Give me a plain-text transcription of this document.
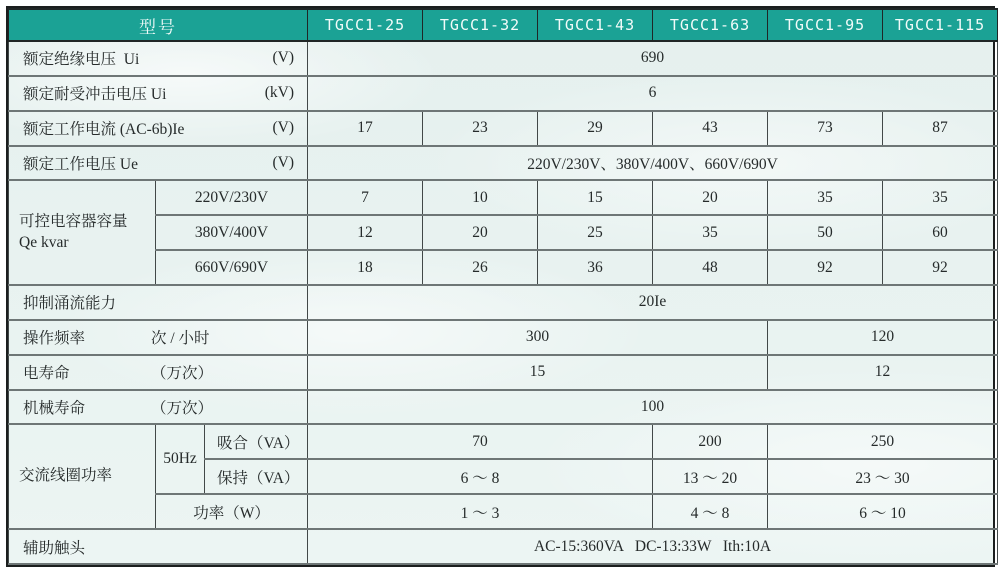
型号			TGCC1-25	TGCC1-32	TGCC1-43	TGCC1-63	TGCC1-95	TGCC1-115

额定绝缘电压  Ui (V)			690					

额定耐受冲击电压 Ui (kV)			6					

额定工作电流 (AC-6b)Ie (V)			17	23	29	43	73	87

额定工作电压 Ue (V)			220V/230V、380V/400V、660V/690V					

可控电容器容量
Qe kvar	220V/230V		7	10	15	20	35	35
	380V/400V		12	20	25	35	50	60
	660V/690V		18	26	36	48	92	92

抑制涌流能力			20Ie					

操作频率 次 / 小时			300				120	

电寿命 （万次）			15				12	

机械寿命 （万次）			100					
交流线圈功率	50Hz	吸合（VA）	70			200	250	
		保持（VA）	6 ～ 8			13 ～ 20	23 ～ 30	
	功率（W）		1 ～ 3			4 ～ 8	6 ～ 10	

辅助触头			AC-15:360VA   DC-13:33W   Ith:10A					
